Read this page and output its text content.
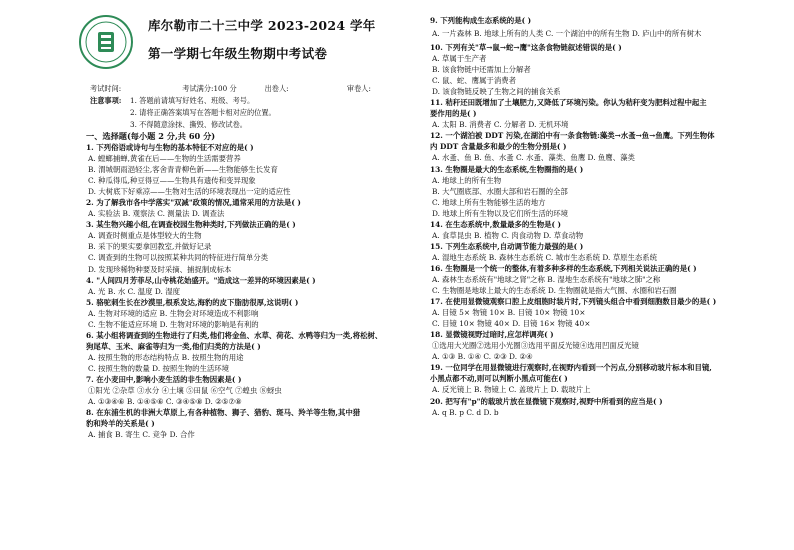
库尔勒市二十三中学 2023-2024 学年
第一学期七年级生物期中考试卷
考试时间:	考试满分:100 分	出卷人:	审卷人:
注意事项: 1. 答题前请填写好姓名、班级、考号。
2. 请将正确答案填写在答题卡相对应的位置。
3. 不得随意涂抹、撕毁、修改试卷。
一、选择题(每小题 2 分,共 60 分)
1. 下列俗语或诗句与生物的基本特征不对应的是( )
A. 螳螂捕蝉,黄雀在后——生物的生活需要营养
B. 渭城朝雨浥轻尘,客舍青青柳色新——生物能够生长发育
C. 种瓜得瓜,种豆得豆——生物具有遗传和变异现象
D. 大树底下好乘凉——生物对生活的环境表现出一定的适应性
2. 为了解我市各中学落实"双减"政策的情况,通常采用的方法是( )
A. 实验法 B. 观察法 C. 测量法 D. 调查法
3. 某生物兴趣小组,在调查校园生物种类时,下列做法正确的是( )
A. 调查时侧重点是体型较大的生物
B. 采下的果实要拿回教室,并做好记录
C. 调查到的生物可以按照某种共同的特征进行简单分类
D. 发现珍稀物种要及时采摘、捕捉制成标本
4. "人间四月芳菲尽,山寺桃花始盛开。"造成这一差异的环境因素是( )
A. 光 B. 水 C. 温度 D. 湿度
5. 骆驼刺生长在沙漠里,根系发达,海豹的皮下脂肪很厚,这说明( )
A. 生物对环境的适应 B. 生物会对环境造成不利影响
C. 生物不能适应环境 D. 生物对环境的影响是有利的
6. 某小组将调查到的生物进行了归类,他们将金鱼、水草、荷花、水鸭等归为一类,将松树、
狗尾草、玉米、麻雀等归为一类,他们归类的方法是( )
A. 按照生物的形态结构特点 B. 按照生物的用途
C. 按照生物的数量 D. 按照生物的生活环境
7. 在小麦田中,影响小麦生活的非生物因素是( )
①阳光 ②杂草 ③水分 ④土壤 ⑤田鼠 ⑥空气 ⑦蝗虫 ⑧蚜虫
A. ①③④⑥ B. ①④⑤⑥ C. ③④⑤⑧ D. ②⑤⑦⑧
8. 在东浦生机的非洲大草原上,有各种植物、狮子、猎豹、斑马、羚羊等生物,其中猎
豹和羚羊的关系是( )
A. 捕食 B. 寄生 C. 竞争 D. 合作
9. 下列能构成生态系统的是( )
A. 一片森林 B. 地球上所有的人类 C. 一个湖泊中的所有生物 D. 庐山中的所有树木
10. 下列有关"草→鼠→蛇→鹰"这条食物链叙述错误的是( )
A. 草属于生产者
B. 该食物链中还需加上分解者
C. 鼠、蛇、鹰属于消费者
D. 该食物链反映了生物之间的捕食关系
11. 秸秆还田既增加了土壤肥力,又降低了环境污染。你认为秸秆变为肥料过程中起主
要作用的是( )
A. 太阳 B. 消费者 C. 分解者 D. 无机环境
12. 一个湖泊被 DDT 污染,在湖泊中有一条食物链:藻类→水蚤→鱼→鱼鹰。下列生物体
内 DDT 含量最多和最少的生物分别是( )
A. 水蚤、鱼 B. 鱼、水蚤 C. 水蚤、藻类、鱼鹰 D. 鱼鹰、藻类
13. 生物圈是最大的生态系统,生物圈指的是( )
A. 地球上的所有生物
B. 大气圈底部、水圈大部和岩石圈的全部
C. 地球上所有生物能够生活的地方
D. 地球上所有生物以及它们所生活的环境
14. 在生态系统中,数量最多的生物是( )
A. 食草昆虫 B. 植物 C. 肉食动物 D. 草食动物
15. 下列生态系统中,自动调节能力最强的是( )
A. 湿地生态系统 B. 森林生态系统 C. 城市生态系统 D. 草原生态系统
16. 生物圈是一个统一的整体,有着多种多样的生态系统,下列相关说法正确的是( )
A. 森林生态系统有"地球之肾"之称 B. 湿地生态系统有"地球之肺"之称
C. 生物圈是地球上最大的生态系统 D. 生物圈就是指大气圈、水圈和岩石圈
17. 在使用显微镜观察口腔上皮细胞时装片时,下列镜头组合中看到细胞数目最少的是( )
A. 目镜 5× 物镜 10× B. 目镜 10× 物镜 10×
C. 目镜 10× 物镜 40× D. 目镜 16× 物镜 40×
18. 显微镜视野过暗时,应怎样调亮( )
①选用大光圈②选用小光圈③选用平面反光镜④选用凹面反光镜
A. ①③ B. ①④ C. ②③ D. ②④
19. 一位同学在用显微镜进行观察时,在视野内看到一个污点,分别移动玻片标本和目镜,
小黑点都不动,则可以判断小黑点可能在( )
A. 反光镜上 B. 物镜上 C. 盖玻片上 D. 载玻片上
20. 把写有"p"的载玻片放在显微镜下观察时,视野中所看到的应当是( )
A. q B. p C. d D. b
